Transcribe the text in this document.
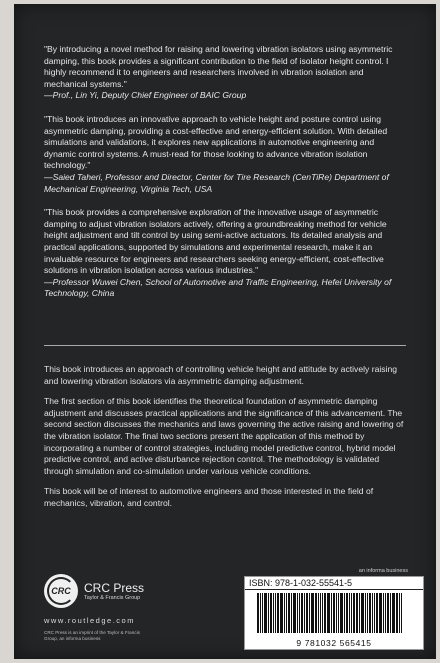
"By introducing a novel method for raising and lowering vibration isolators using asymmetric damping, this book provides a significant contribution to the field of isolator height control. I highly recommend it to engineers and researchers involved in vibration isolation and mechanical systems."

—Prof., Lin Yi, Deputy Chief Engineer of BAIC Group

"This book introduces an innovative approach to vehicle height and posture control using asymmetric damping, providing a cost-effective and energy-efficient solution. With detailed simulations and validations, it explores new applications in automotive engineering and dynamic control systems. A must-read for those looking to advance vibration isolation technology."

—Saied Taheri, Professor and Director, Center for Tire Research (CenTiRe) Department of Mechanical Engineering, Virginia Tech, USA

"This book provides a comprehensive exploration of the innovative usage of asymmetric damping to adjust vibration isolators actively, offering a groundbreaking method for vehicle height adjustment and tilt control by using semi-active actuators. Its detailed analysis and practical applications, supported by simulations and experimental research, make it an invaluable resource for engineers and researchers seeking energy-efficient, cost-effective solutions in vibration isolation across various industries."

—Professor Wuwei Chen, School of Automotive and Traffic Engineering, Hefei University of Technology, China

This book introduces an approach of controlling vehicle height and attitude by actively raising and lowering vibration isolators via asymmetric damping adjustment.

The first section of this book identifies the theoretical foundation of asymmetric damping adjustment and discusses practical applications and the significance of this advancement. The second section discusses the mechanics and laws governing the active raising and lowering of the vibration isolator. The final two sections present the application of this method by incorporating a number of control strategies, including model predictive control, hybrid model predictive control, and active disturbance rejection control. The methodology is validated through simulation and co-simulation under various vehicle conditions.

This book will be of interest to automotive engineers and those interested in the field of mechanics, vibration, and control.

an informa business
CRC CRC Press
Taylor & Francis Group
www.routledge.com
CRC Press is an imprint of the Taylor & Francis Group, an informa business
ISBN: 978-1-032-55541-5
9 781032 565415
